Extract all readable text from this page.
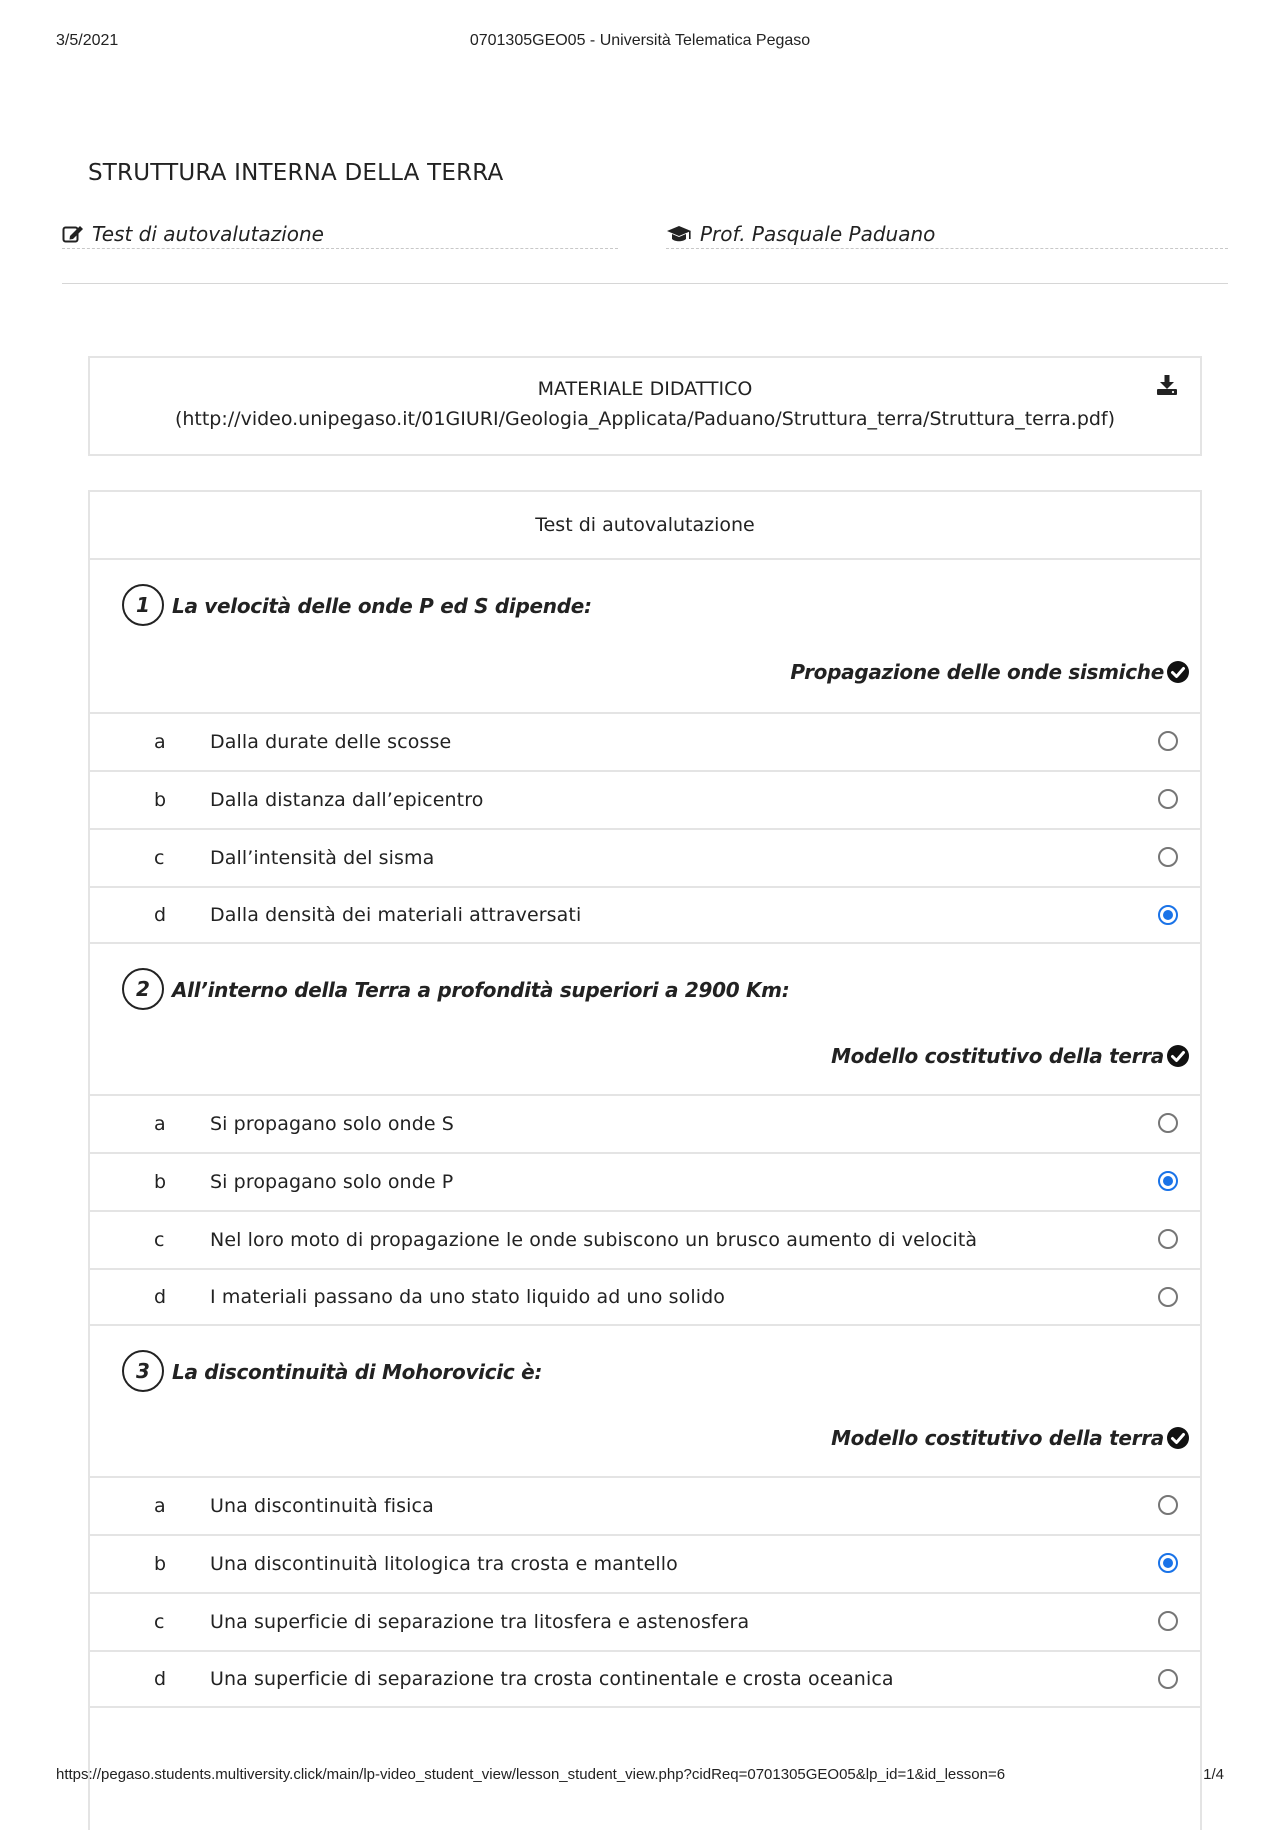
3/5/2021	0701305GEO05 - Università Telematica Pegaso
STRUTTURA INTERNA DELLA TERRA
Test di autovalutazione	Prof. Pasquale Paduano
MATERIALE DIDATTICO
(http://video.unipegaso.it/01GIURI/Geologia_Applicata/Paduano/Struttura_terra/Struttura_terra.pdf)
Test di autovalutazione
1	La velocità delle onde P ed S dipende:
Propagazione delle onde sismiche
a Dalla durate delle scosse
b Dalla distanza dall’epicentro
c Dall’intensità del sisma
d Dalla densità dei materiali attraversati
2	All’interno della Terra a profondità superiori a 2900 Km:
Modello costitutivo della terra
a Si propagano solo onde S
b Si propagano solo onde P
c Nel loro moto di propagazione le onde subiscono un brusco aumento di velocità
d I materiali passano da uno stato liquido ad uno solido
3	La discontinuità di Mohorovicic è:
Modello costitutivo della terra
a Una discontinuità fisica
b Una discontinuità litologica tra crosta e mantello
c Una superficie di separazione tra litosfera e astenosfera
d Una superficie di separazione tra crosta continentale e crosta oceanica
https://pegaso.students.multiversity.click/main/lp-video_student_view/lesson_student_view.php?cidReq=0701305GEO05&lp_id=1&id_lesson=6	1/4
